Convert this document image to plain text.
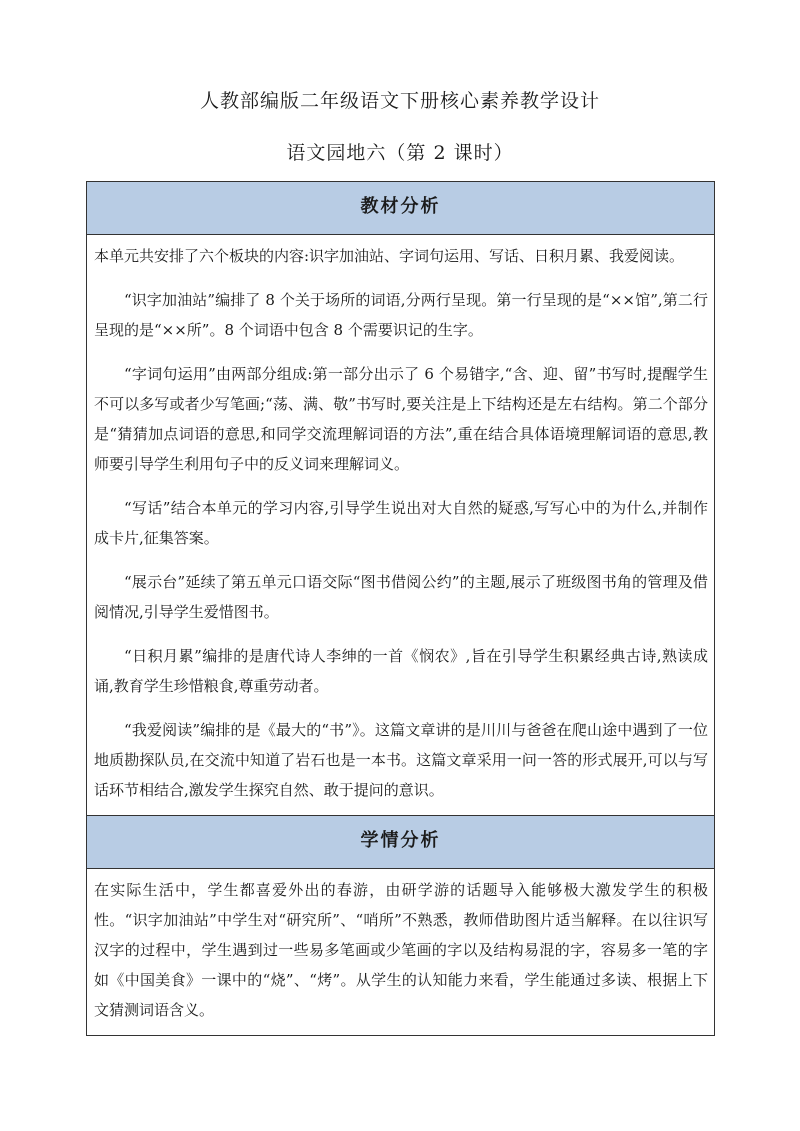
人教部编版二年级语文下册核心素养教学设计
语文园地六（第 2 课时）
教材分析

本单元共安排了六个板块的内容:识字加油站、字词句运用、写话、日积月累、我爱阅读。

“识字加油站”编排了 8 个关于场所的词语,分两行呈现。第一行呈现的是“××馆”,第二行呈现的是“××所”。8 个词语中包含 8 个需要识记的生字。

“字词句运用”由两部分组成:第一部分出示了 6 个易错字,“含、迎、留”书写时,提醒学生不可以多写或者少写笔画;“荡、满、敬”书写时,要关注是上下结构还是左右结构。第二个部分是“猜猜加点词语的意思,和同学交流理解词语的方法”,重在结合具体语境理解词语的意思,教师要引导学生利用句子中的反义词来理解词义。

“写话”结合本单元的学习内容,引导学生说出对大自然的疑惑,写写心中的为什么,并制作成卡片,征集答案。

“展示台”延续了第五单元口语交际“图书借阅公约”的主题,展示了班级图书角的管理及借阅情况,引导学生爱惜图书。

“日积月累”编排的是唐代诗人李绅的一首《悯农》,旨在引导学生积累经典古诗,熟读成诵,教育学生珍惜粮食,尊重劳动者。

“我爱阅读”编排的是《最大的“书”》。这篇文章讲的是川川与爸爸在爬山途中遇到了一位地质勘探队员,在交流中知道了岩石也是一本书。这篇文章采用一问一答的形式展开,可以与写话环节相结合,激发学生探究自然、敢于提问的意识。

学情分析

在实际生活中，学生都喜爱外出的春游，由研学游的话题导入能够极大激发学生的积极性。“识字加油站”中学生对“研究所”、“哨所”不熟悉，教师借助图片适当解释。在以往识写汉字的过程中，学生遇到过一些易多笔画或少笔画的字以及结构易混的字，容易多一笔的字如《中国美食》一课中的“烧”、“烤”。从学生的认知能力来看，学生能通过多读、根据上下文猜测词语含义。
